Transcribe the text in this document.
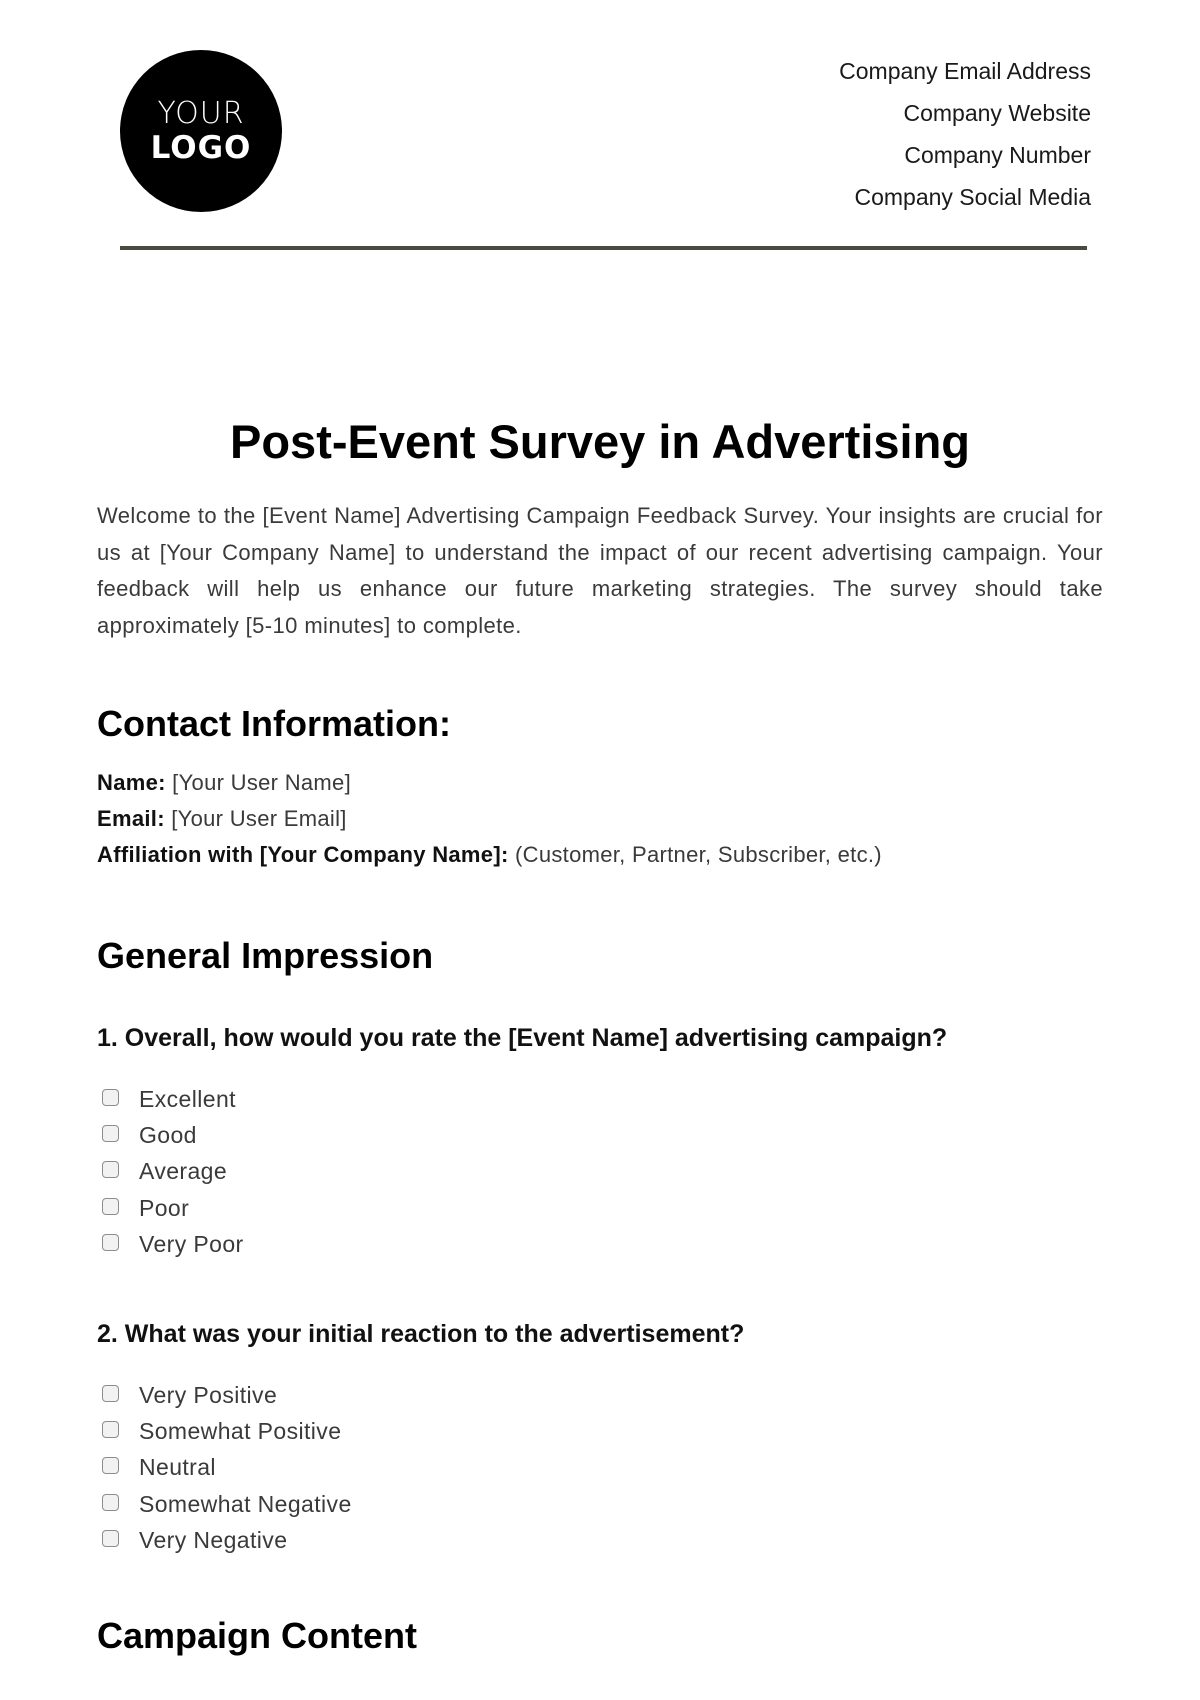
YOUR
LOGO
Company Email Address
Company Website
Company Number
Company Social Media
Post-Event Survey in Advertising

Welcome to the [Event Name] Advertising Campaign Feedback Survey. Your insights are crucial for us at [Your Company Name] to understand the impact of our recent advertising campaign. Your feedback will help us enhance our future marketing strategies. The survey should take approximately [5-10 minutes] to complete.

Contact Information:
Name: [Your User Name]
Email: [Your User Email]
Affiliation with [Your Company Name]: (Customer, Partner, Subscriber, etc.)
General Impression
1. Overall, how would you rate the [Event Name] advertising campaign?
Excellent
Good
Average
Poor
Very Poor
2. What was your initial reaction to the advertisement?
Very Positive
Somewhat Positive
Neutral
Somewhat Negative
Very Negative
Campaign Content
